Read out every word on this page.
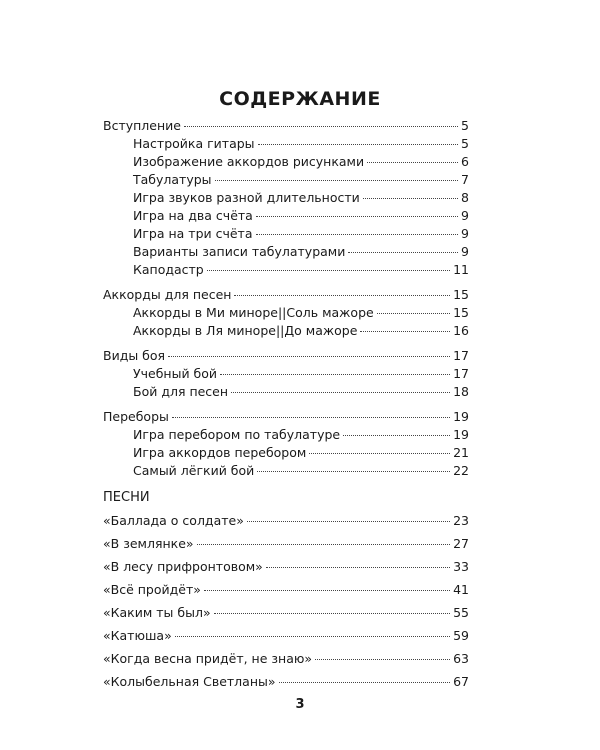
СОДЕРЖАНИЕ
Вступление	5
Настройка гитары	5
Изображение аккордов рисунками	6
Табулатуры	7
Игра звуков разной длительности	8
Игра на два счёта	9
Игра на три счёта	9
Варианты записи табулатурами	9
Каподастр	11
Аккорды для песен	15
Аккорды в Ми миноре||Соль мажоре	15
Аккорды в Ля миноре||До мажоре	16
Виды боя	17
Учебный бой	17
Бой для песен	18
Переборы	19
Игра перебором по табулатуре	19
Игра аккордов перебором	21
Самый лёгкий бой	22
ПЕСНИ
«Баллада о солдате»	23
«В землянке»	27
«В лесу прифронтовом»	33
«Всё пройдёт»	41
«Каким ты был»	55
«Катюша»	59
«Когда весна придёт, не знаю»	63
«Колыбельная Светланы»	67
3
